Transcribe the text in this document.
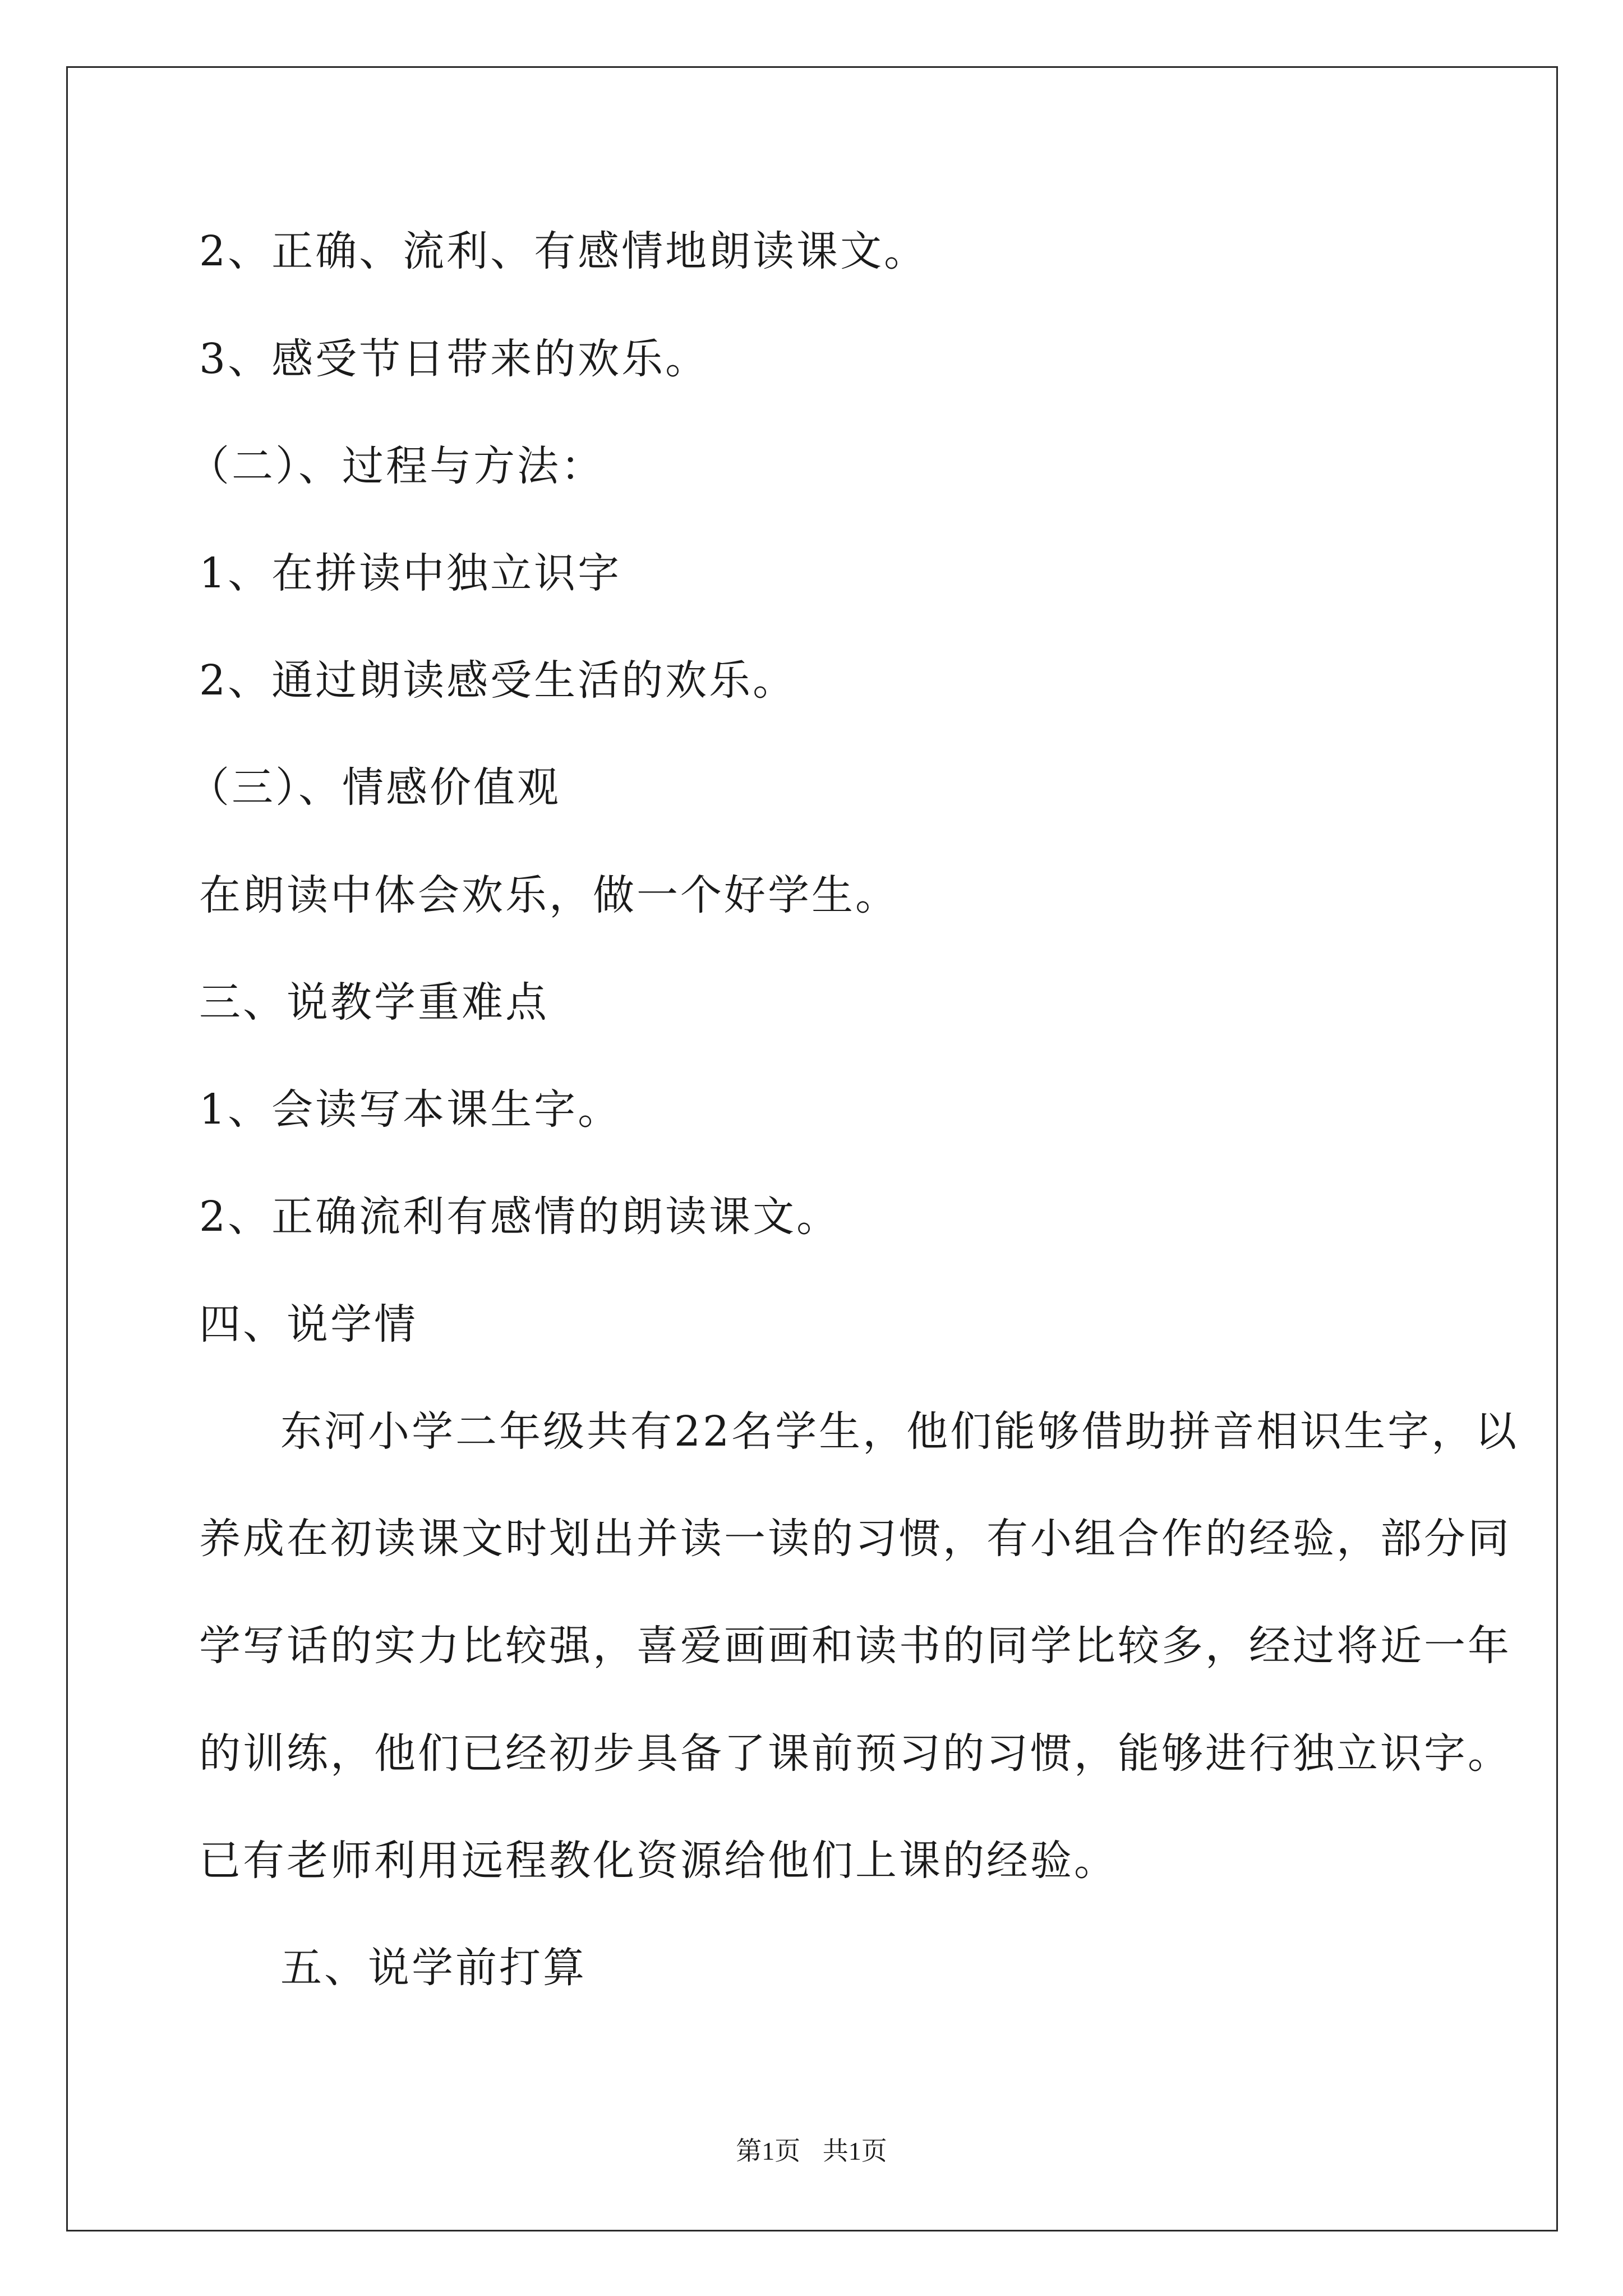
2、正确、流利、有感情地朗读课文。
3、感受节日带来的欢乐。
（二）、过程与方法：
1、在拼读中独立识字
2、通过朗读感受生活的欢乐。
（三）、情感价值观
在朗读中体会欢乐，做一个好学生。
三、说教学重难点
1、会读写本课生字。
2、正确流利有感情的朗读课文。
四、说学情
东河小学二年级共有22名学生，他们能够借助拼音相识生字，以
养成在初读课文时划出并读一读的习惯，有小组合作的经验，部分同
学写话的实力比较强，喜爱画画和读书的同学比较多，经过将近一年
的训练，他们已经初步具备了课前预习的习惯，能够进行独立识字。
已有老师利用远程教化资源给他们上课的经验。
五、说学前打算
第1页 共1页
